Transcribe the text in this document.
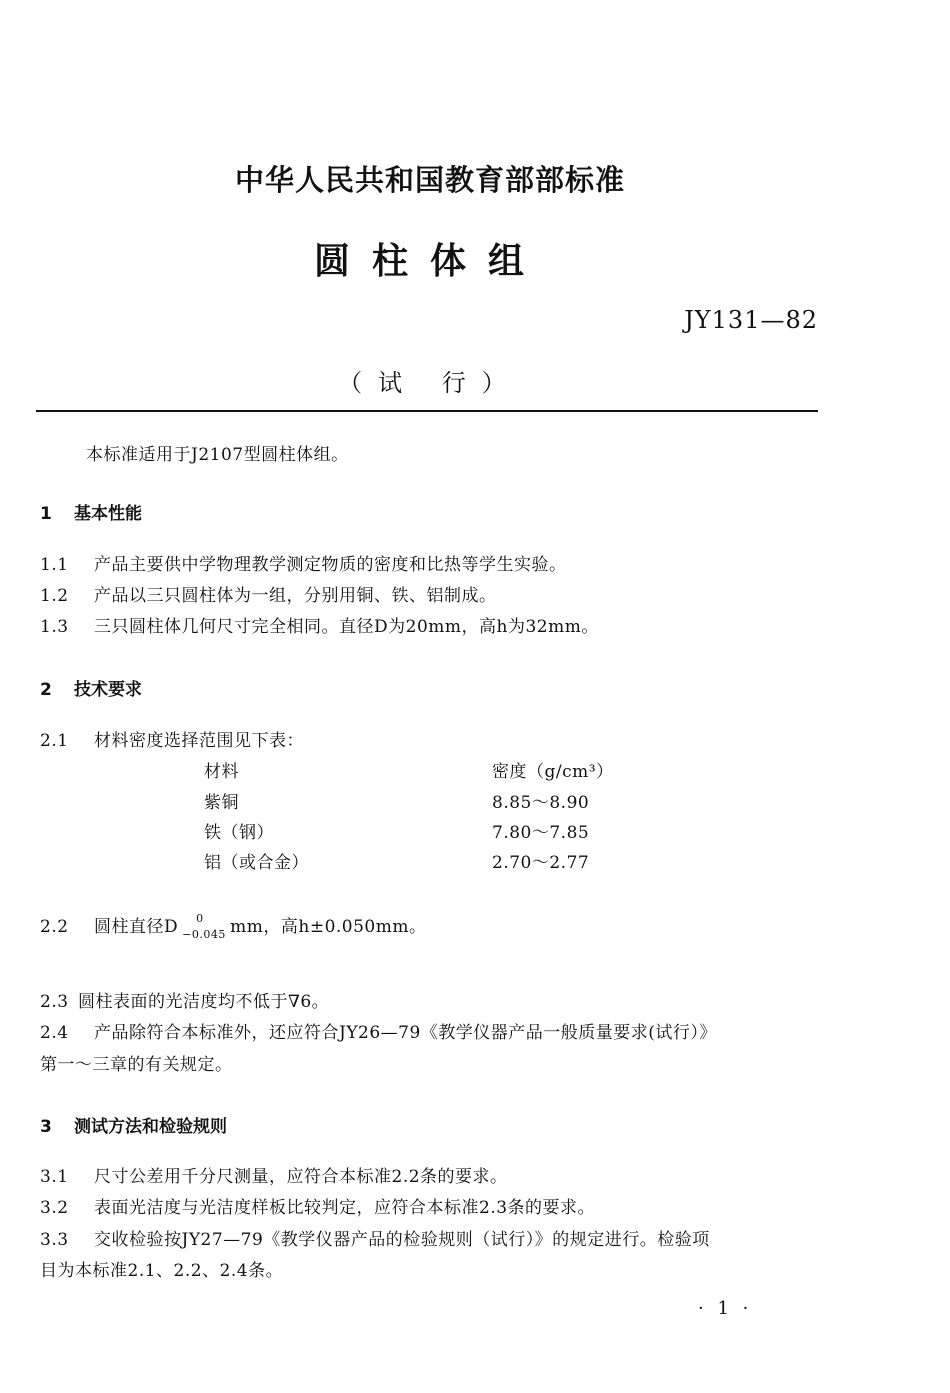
中华人民共和国教育部部标准
圆柱体组
JY131—82
（试 行）
本标准适用于J2107型圆柱体组。
1 基本性能
1.1 产品主要供中学物理教学测定物质的密度和比热等学生实验。
1.2 产品以三只圆柱体为一组，分别用铜、铁、铝制成。
1.3 三只圆柱体几何尺寸完全相同。直径D为20mm，高h为32mm。
2 技术要求
2.1 材料密度选择范围见下表：
材料	密度（g/cm³）
紫铜	8.85～8.90
铁（钢）	7.80～7.85
铝（或合金）	2.70～2.77
2.2 圆柱直径D 0
−0.045 mm，高h±0.050mm。
2.3 圆柱表面的光洁度均不低于∇6。
2.4 产品除符合本标准外，还应符合JY26—79《教学仪器产品一般质量要求(试行）》
第一～三章的有关规定。
3 测试方法和检验规则
3.1 尺寸公差用千分尺测量，应符合本标准2.2条的要求。
3.2 表面光洁度与光洁度样板比较判定，应符合本标准2.3条的要求。
3.3 交收检验按JY27—79《教学仪器产品的检验规则（试行）》的规定进行。检验项
目为本标准2.1、2.2、2.4条。
· 1 ·
